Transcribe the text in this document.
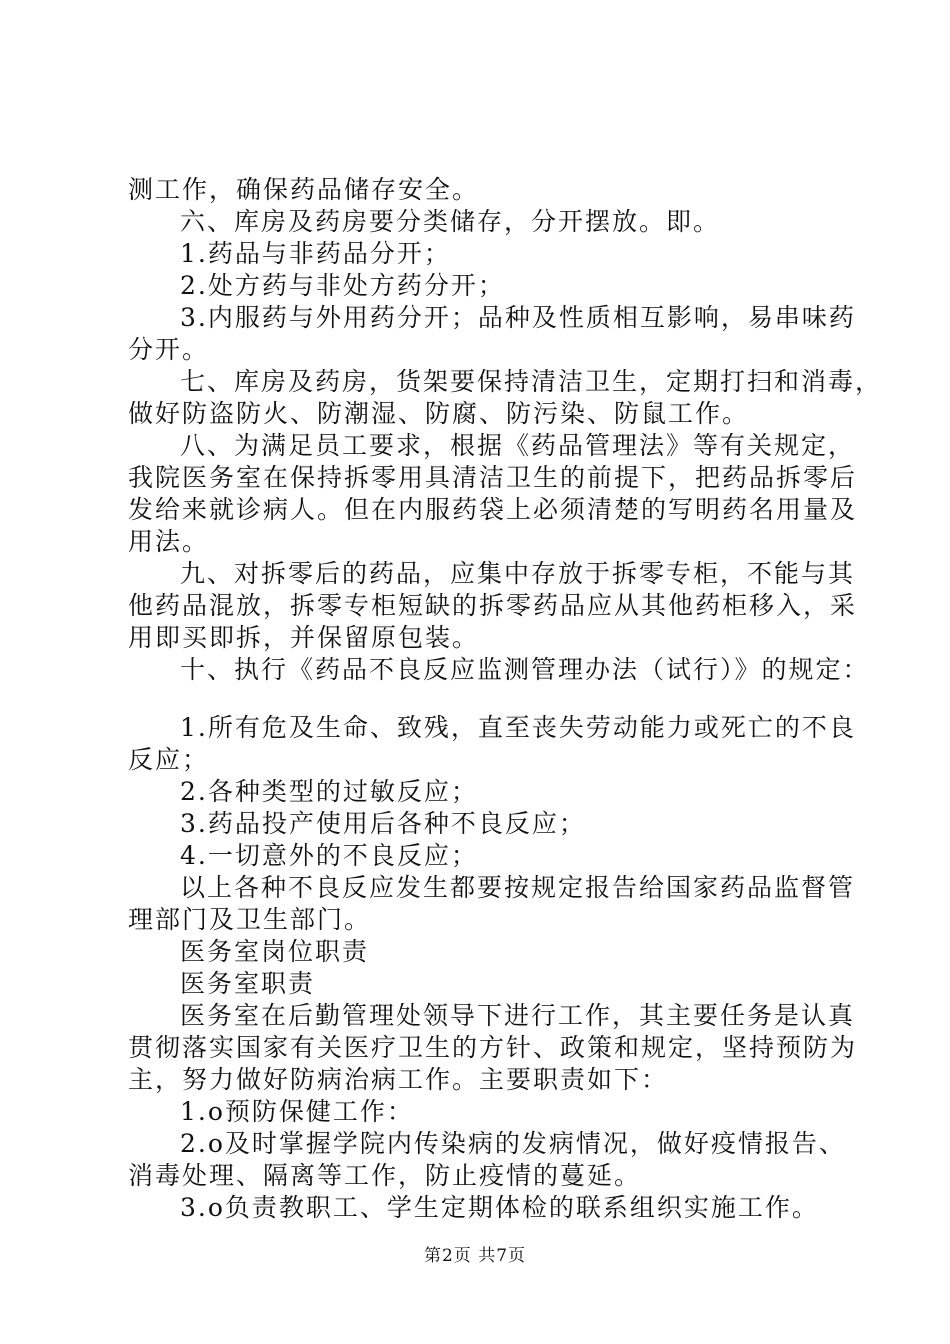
测工作，确保药品储存安全。
六、库房及药房要分类储存，分开摆放。即。
1.药品与非药品分开；
2.处方药与非处方药分开；
3.内服药与外用药分开；品种及性质相互影响，易串味药
分开。
七、库房及药房，货架要保持清洁卫生，定期打扫和消毒，
做好防盗防火、防潮湿、防腐、防污染、防鼠工作。
八、为满足员工要求，根据《药品管理法》等有关规定，
我院医务室在保持拆零用具清洁卫生的前提下，把药品拆零后
发给来就诊病人。但在内服药袋上必须清楚的写明药名用量及
用法。
九、对拆零后的药品，应集中存放于拆零专柜，不能与其
他药品混放，拆零专柜短缺的拆零药品应从其他药柜移入，采
用即买即拆，并保留原包装。
十、执行《药品不良反应监测管理办法（试行）》的规定：
1.所有危及生命、致残，直至丧失劳动能力或死亡的不良
反应；
2.各种类型的过敏反应；
3.药品投产使用后各种不良反应；
4.一切意外的不良反应；
以上各种不良反应发生都要按规定报告给国家药品监督管
理部门及卫生部门。
医务室岗位职责
医务室职责
医务室在后勤管理处领导下进行工作，其主要任务是认真
贯彻落实国家有关医疗卫生的方针、政策和规定，坚持预防为
主，努力做好防病治病工作。主要职责如下：
1.o预防保健工作：
2.o及时掌握学院内传染病的发病情况，做好疫情报告、
消毒处理、隔离等工作，防止疫情的蔓延。
3.o负责教职工、学生定期体检的联系组织实施工作。
第2页 共7页
